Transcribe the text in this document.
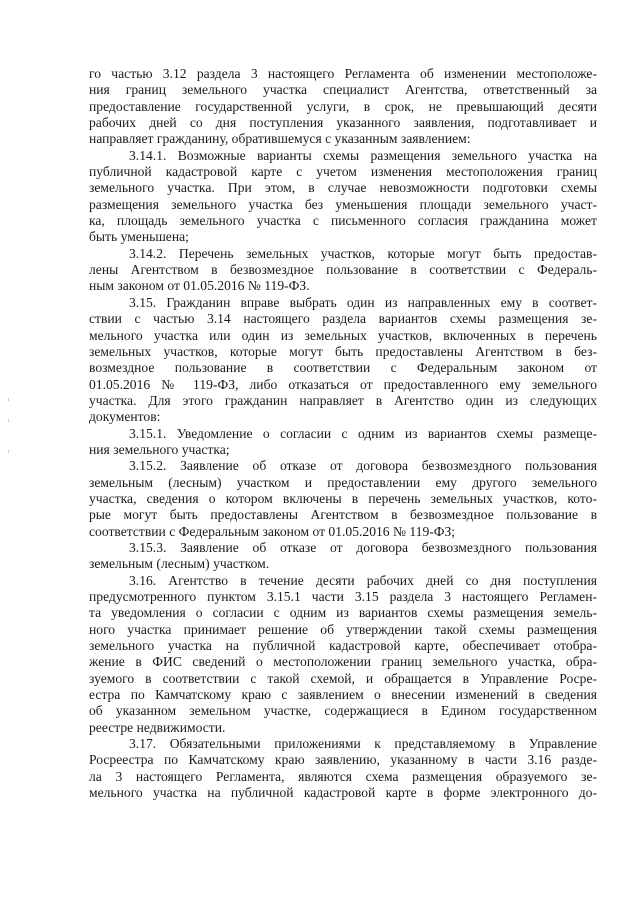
го частью 3.12 раздела 3 настоящего Регламента об изменении местоположе-
ния границ земельного участка специалист Агентства, ответственный за
предоставление государственной услуги, в срок, не превышающий десяти
рабочих дней со дня поступления указанного заявления, подготавливает и
направляет гражданину, обратившемуся с указанным заявлением:
3.14.1. Возможные варианты схемы размещения земельного участка на
публичной кадастровой карте с учетом изменения местоположения границ
земельного участка. При этом, в случае невозможности подготовки схемы
размещения земельного участка без уменьшения площади земельного участ-
ка, площадь земельного участка с письменного согласия гражданина может
быть уменьшена;
3.14.2. Перечень земельных участков, которые могут быть предостав-
лены Агентством в безвозмездное пользование в соответствии с Федераль-
ным законом от 01.05.2016 № 119-ФЗ.
3.15. Гражданин вправе выбрать один из направленных ему в соответ-
ствии с частью 3.14 настоящего раздела вариантов схемы размещения зе-
мельного участка или один из земельных участков, включенных в перечень
земельных участков, которые могут быть предоставлены Агентством в без-
возмездное пользование в соответствии с Федеральным законом от
01.05.2016 № 119-ФЗ, либо отказаться от предоставленного ему земельного
участка. Для этого гражданин направляет в Агентство один из следующих
документов:
3.15.1. Уведомление о согласии с одним из вариантов схемы размеще-
ния земельного участка;
3.15.2. Заявление об отказе от договора безвозмездного пользования
земельным (лесным) участком и предоставлении ему другого земельного
участка, сведения о котором включены в перечень земельных участков, кото-
рые могут быть предоставлены Агентством в безвозмездное пользование в
соответствии с Федеральным законом от 01.05.2016 № 119-ФЗ;
3.15.3. Заявление об отказе от договора безвозмездного пользования
земельным (лесным) участком.
3.16. Агентство в течение десяти рабочих дней со дня поступления
предусмотренного пунктом 3.15.1 части 3.15 раздела 3 настоящего Регламен-
та уведомления о согласии с одним из вариантов схемы размещения земель-
ного участка принимает решение об утверждении такой схемы размещения
земельного участка на публичной кадастровой карте, обеспечивает отобра-
жение в ФИС сведений о местоположении границ земельного участка, обра-
зуемого в соответствии с такой схемой, и обращается в Управление Росре-
естра по Камчатскому краю с заявлением о внесении изменений в сведения
об указанном земельном участке, содержащиеся в Едином государственном
реестре недвижимости.
3.17. Обязательными приложениями к представляемому в Управление
Росреестра по Камчатскому краю заявлению, указанному в части 3.16 разде-
ла 3 настоящего Регламента, являются схема размещения образуемого зе-
мельного участка на публичной кадастровой карте в форме электронного до-
